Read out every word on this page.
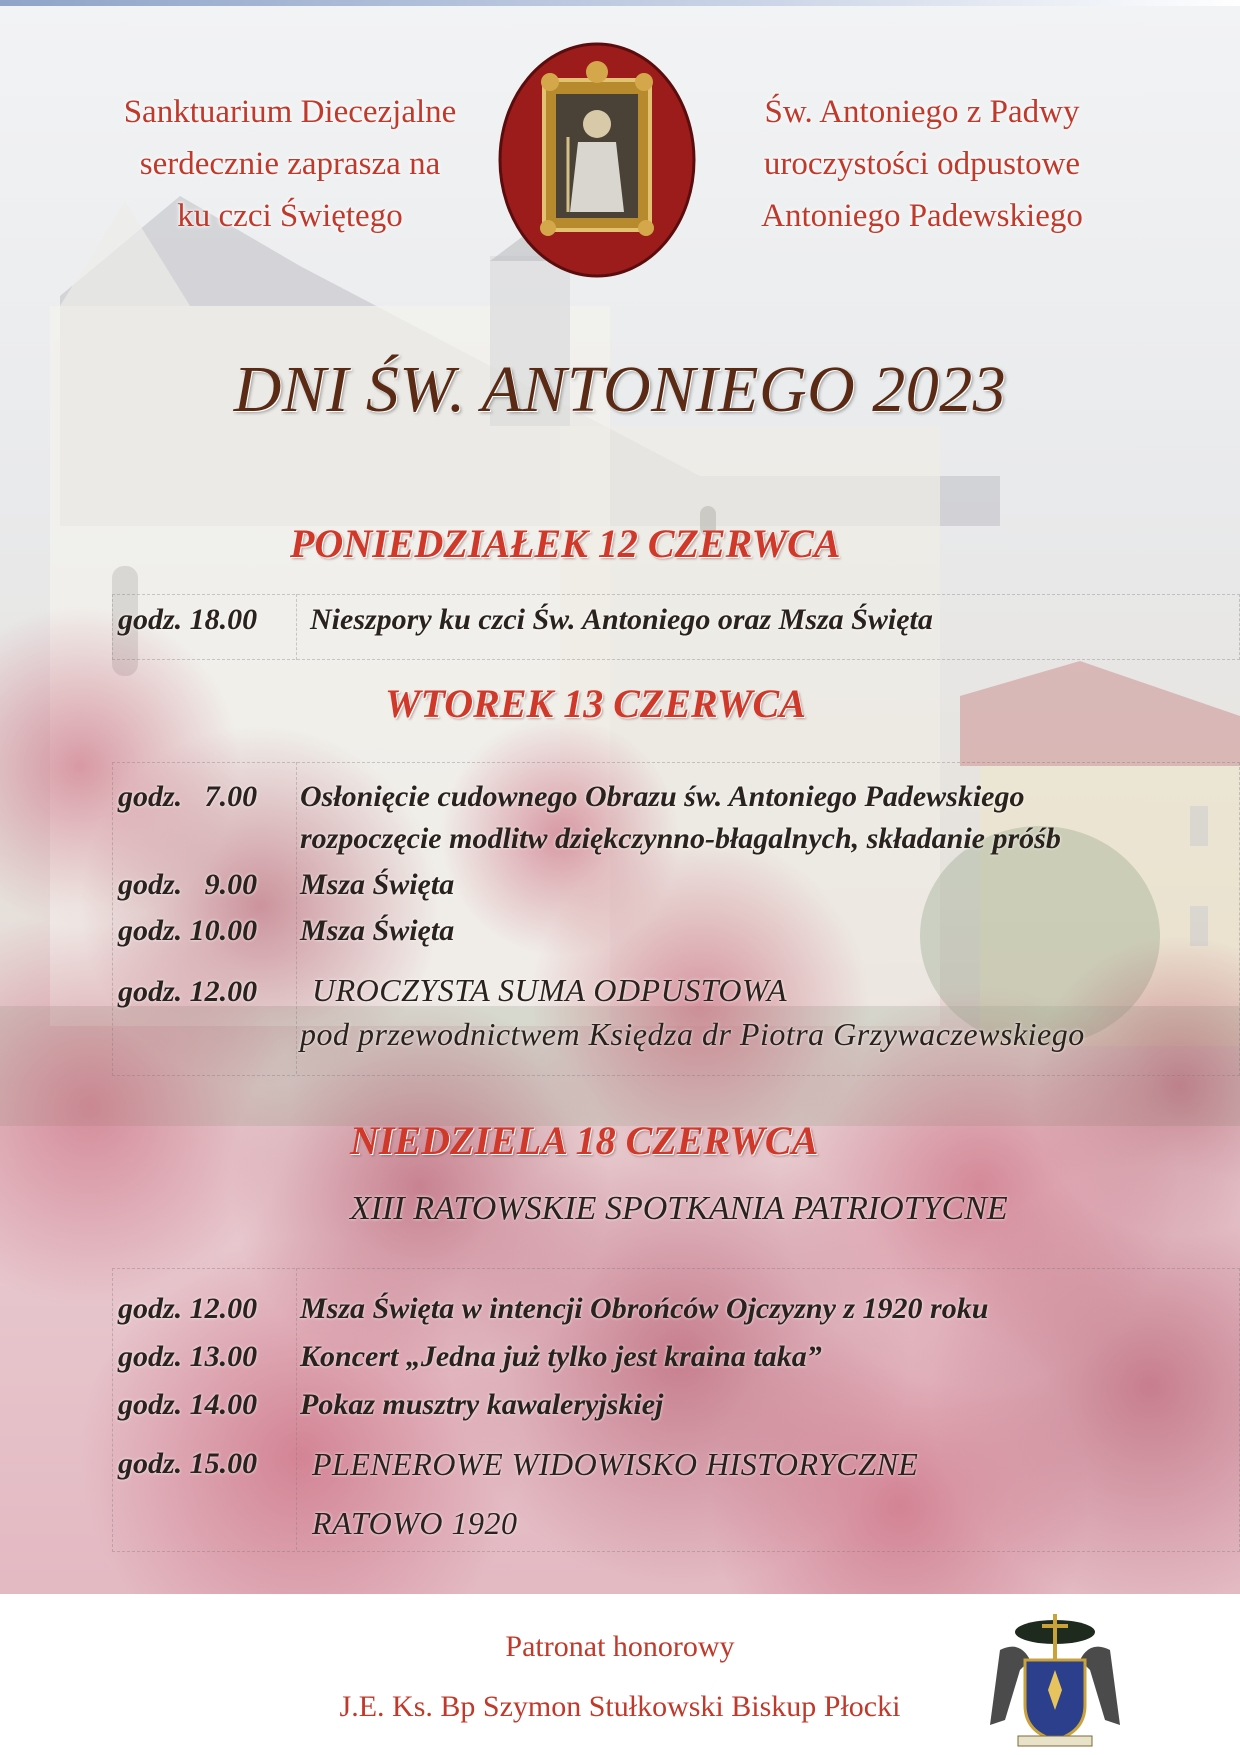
Sanktuarium Diecezjalne
serdecznie zaprasza na
ku czci Świętego
Św. Antoniego z Padwy
uroczystości odpustowe
Antoniego Padewskiego
DNI ŚW. ANTONIEGO 2023
PONIEDZIAŁEK 12 CZERWCA
godz. 18.00 Nieszpory ku czci Św. Antoniego oraz Msza Święta
WTOREK 13 CZERWCA
godz.   7.00 Osłonięcie cudownego Obrazu św. Antoniego Padewskiego
rozpoczęcie modlitw dziękczynno-błagalnych, składanie próśb
godz.   9.00 Msza Święta
godz. 10.00 Msza Święta
godz. 12.00 UROCZYSTA SUMA ODPUSTOWA
pod przewodnictwem Księdza dr Piotra Grzywaczewskiego
NIEDZIELA 18 CZERWCA
XIII RATOWSKIE SPOTKANIA PATRIOTYCNE
godz. 12.00 Msza Święta w intencji Obrońców Ojczyzny z 1920 roku
godz. 13.00 Koncert „Jedna już tylko jest kraina taka”
godz. 14.00 Pokaz musztry kawaleryjskiej
godz. 15.00 PLENEROWE WIDOWISKO HISTORYCZNE
RATOWO 1920
Patronat honorowy
J.E. Ks. Bp Szymon Stułkowski Biskup Płocki
